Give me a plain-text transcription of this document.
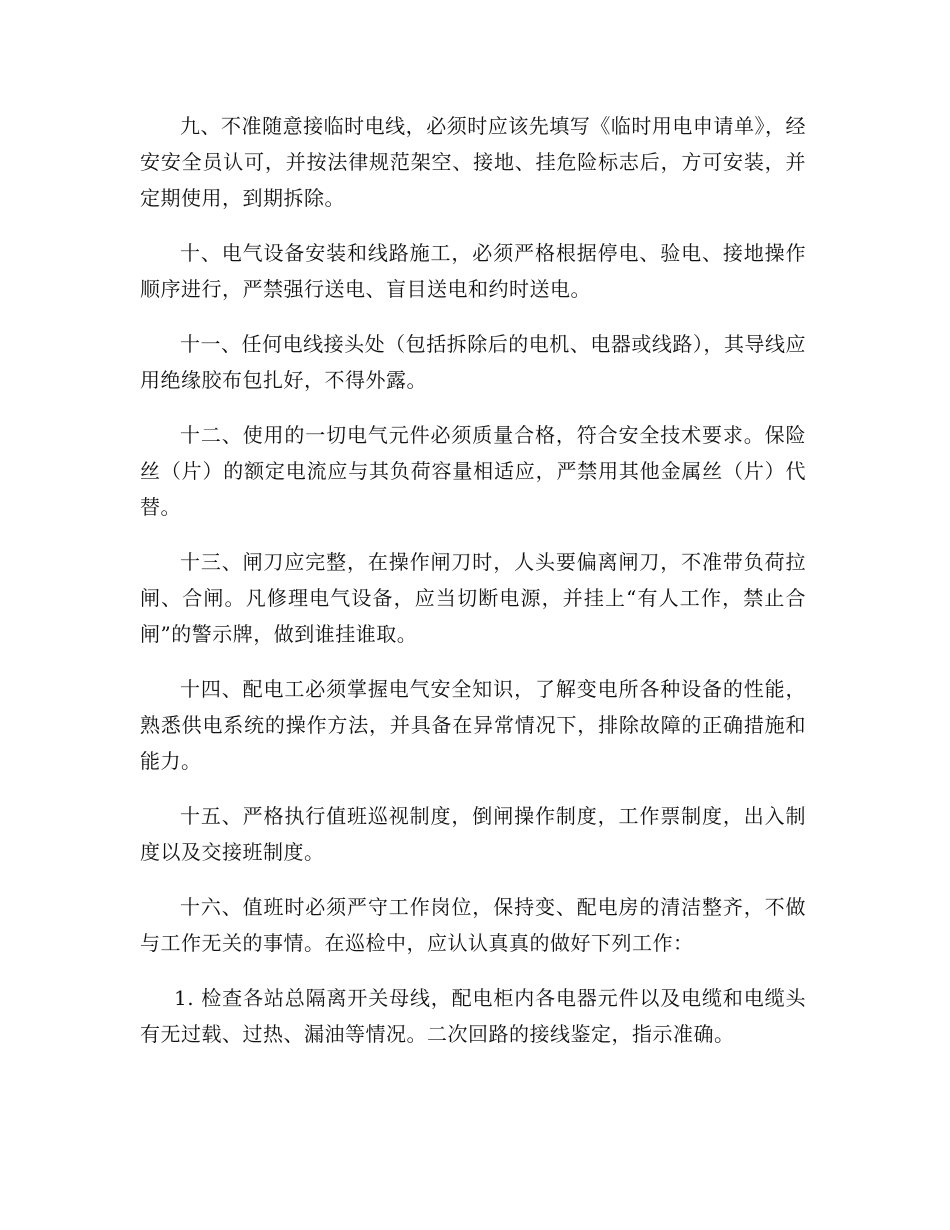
九、不准随意接临时电线，必须时应该先填写《临时用电申请单》，经安安全员认可，并按法律规范架空、接地、挂危险标志后，方可安装，并定期使用，到期拆除。

十、电气设备安装和线路施工，必须严格根据停电、验电、接地操作顺序进行，严禁强行送电、盲目送电和约时送电。

十一、任何电线接头处（包括拆除后的电机、电器或线路），其导线应用绝缘胶布包扎好，不得外露。

十二、使用的一切电气元件必须质量合格，符合安全技术要求。保险丝（片）的额定电流应与其负荷容量相适应，严禁用其他金属丝（片）代替。

十三、闸刀应完整，在操作闸刀时，人头要偏离闸刀，不准带负荷拉闸、合闸。凡修理电气设备，应当切断电源，并挂上“有人工作，禁止合闸”的警示牌，做到谁挂谁取。

十四、配电工必须掌握电气安全知识，了解变电所各种设备的性能，熟悉供电系统的操作方法，并具备在异常情况下，排除故障的正确措施和能力。

十五、严格执行值班巡视制度，倒闸操作制度，工作票制度，出入制度以及交接班制度。

十六、值班时必须严守工作岗位，保持变、配电房的清洁整齐，不做与工作无关的事情。在巡检中，应认认真真的做好下列工作：

1. 检查各站总隔离开关母线，配电柜内各电器元件以及电缆和电缆头有无过载、过热、漏油等情况。二次回路的接线鉴定，指示准确。
